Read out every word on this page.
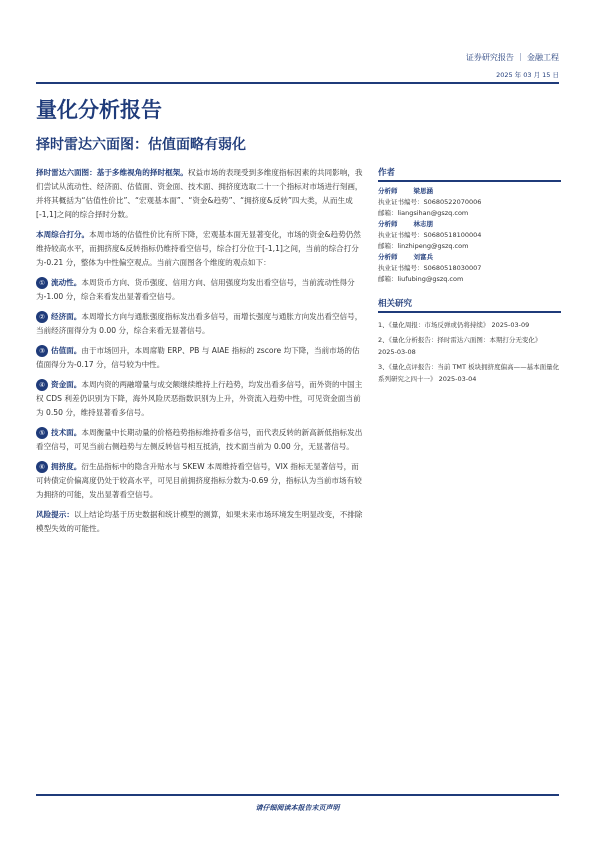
证券研究报告 ｜ 金融工程
2025 年 03 月 15 日
量化分析报告
择时雷达六面图：估值面略有弱化

择时雷达六面图：基于多维视角的择时框架。权益市场的表现受到多维度指标因素的共同影响，我们尝试从流动性、经济面、估值面、资金面、技术面、拥挤度选取二十一个指标对市场进行刻画，并将其概括为“估值性价比”、“宏观基本面”、“资金&趋势”、“拥挤度&反转”四大类，从而生成[-1,1]之间的综合择时分数。

本周综合打分。本周市场的估值性价比有所下降，宏观基本面无显著变化，市场的资金&趋势仍然维持较高水平，而拥挤度&反转指标仍维持看空信号，综合打分位于[-1,1]之间，当前的综合打分为-0.21 分，整体为中性偏空观点。当前六面图各个维度的观点如下：

① 流动性。本周货币方向、货币强度、信用方向、信用强度均发出看空信号，当前流动性得分为-1.00 分，综合来看发出显著看空信号。

② 经济面。本周增长方向与通胀强度指标发出看多信号，而增长强度与通胀方向发出看空信号，当前经济面得分为 0.00 分，综合来看无显著信号。

③ 估值面。由于市场回升，本周席勒 ERP、PB 与 AIAE 指标的 zscore 均下降，当前市场的估值面得分为-0.17 分，信号较为中性。

④ 资金面。本周内资的两融增量与成交额继续维持上行趋势，均发出看多信号，而外资的中国主权 CDS 利差仍识别为下降，海外风险厌恶指数识别为上升，外资流入趋势中性，可见资金面当前为 0.50 分，维持显著看多信号。

⑤ 技术面。本周衡量中长期动量的价格趋势指标维持看多信号，而代表反转的新高新低指标发出看空信号，可见当前右侧趋势与左侧反转信号相互抵消，技术面当前为 0.00 分，无显著信号。

⑥ 拥挤度。衍生品指标中的隐含升贴水与 SKEW 本周维持看空信号，VIX 指标无显著信号，而可转债定价偏离度仍处于较高水平，可见目前拥挤度指标分数为-0.69 分，指标认为当前市场有较为拥挤的可能，发出显著看空信号。

风险提示：以上结论均基于历史数据和统计模型的测算，如果未来市场环境发生明显改变，不排除模型失效的可能性。

作者

分析师 梁思涵

执业证书编号：S0680522070006

邮箱：liangsihan@gszq.com

分析师 林志朋

执业证书编号：S0680518100004

邮箱：linzhipeng@gszq.com

分析师 刘富兵

执业证书编号：S0680518030007

邮箱：liufubing@gszq.com

相关研究

1、《量化周报：市场反弹或仍将持续》 2025-03-09

2、《量化分析报告：择时雷达六面图：本期打分无变化》 2025-03-08

3、《量化点评报告：当前 TMT 板块拥挤度偏高——基本面量化系列研究之四十一》 2025-03-04

请仔细阅读本报告末页声明
